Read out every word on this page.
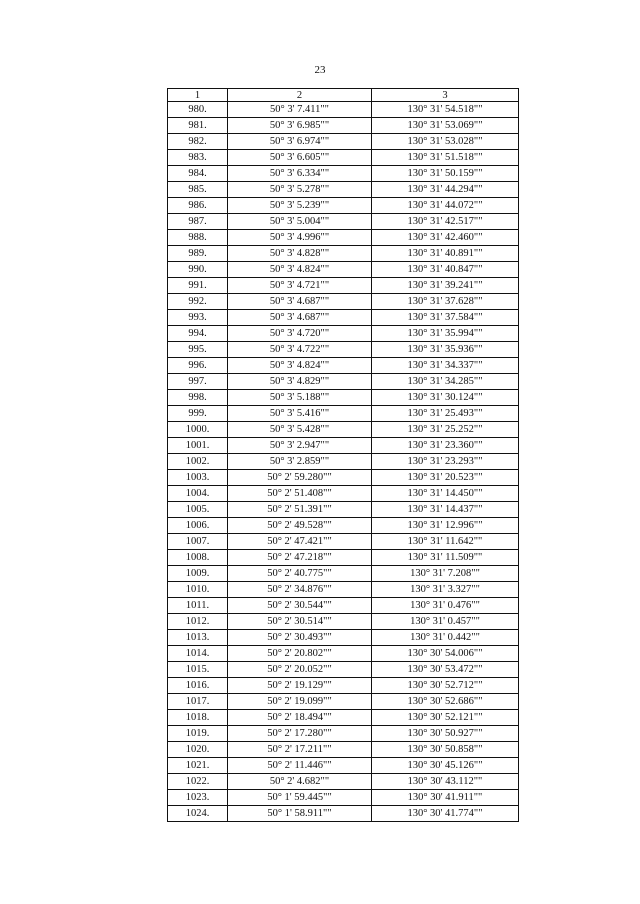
23
1	2	3
980.	50° 3' 7.411""	130° 31' 54.518""
981.	50° 3' 6.985""	130° 31' 53.069""
982.	50° 3' 6.974""	130° 31' 53.028""
983.	50° 3' 6.605""	130° 31' 51.518""
984.	50° 3' 6.334""	130° 31' 50.159""
985.	50° 3' 5.278""	130° 31' 44.294""
986.	50° 3' 5.239""	130° 31' 44.072""
987.	50° 3' 5.004""	130° 31' 42.517""
988.	50° 3' 4.996""	130° 31' 42.460""
989.	50° 3' 4.828""	130° 31' 40.891""
990.	50° 3' 4.824""	130° 31' 40.847""
991.	50° 3' 4.721""	130° 31' 39.241""
992.	50° 3' 4.687""	130° 31' 37.628""
993.	50° 3' 4.687""	130° 31' 37.584""
994.	50° 3' 4.720""	130° 31' 35.994""
995.	50° 3' 4.722""	130° 31' 35.936""
996.	50° 3' 4.824""	130° 31' 34.337""
997.	50° 3' 4.829""	130° 31' 34.285""
998.	50° 3' 5.188""	130° 31' 30.124""
999.	50° 3' 5.416""	130° 31' 25.493""
1000.	50° 3' 5.428""	130° 31' 25.252""
1001.	50° 3' 2.947""	130° 31' 23.360""
1002.	50° 3' 2.859""	130° 31' 23.293""
1003.	50° 2' 59.280""	130° 31' 20.523""
1004.	50° 2' 51.408""	130° 31' 14.450""
1005.	50° 2' 51.391""	130° 31' 14.437""
1006.	50° 2' 49.528""	130° 31' 12.996""
1007.	50° 2' 47.421""	130° 31' 11.642""
1008.	50° 2' 47.218""	130° 31' 11.509""
1009.	50° 2' 40.775""	130° 31' 7.208""
1010.	50° 2' 34.876""	130° 31' 3.327""
1011.	50° 2' 30.544""	130° 31' 0.476""
1012.	50° 2' 30.514""	130° 31' 0.457""
1013.	50° 2' 30.493""	130° 31' 0.442""
1014.	50° 2' 20.802""	130° 30' 54.006""
1015.	50° 2' 20.052""	130° 30' 53.472""
1016.	50° 2' 19.129""	130° 30' 52.712""
1017.	50° 2' 19.099""	130° 30' 52.686""
1018.	50° 2' 18.494""	130° 30' 52.121""
1019.	50° 2' 17.280""	130° 30' 50.927""
1020.	50° 2' 17.211""	130° 30' 50.858""
1021.	50° 2' 11.446""	130° 30' 45.126""
1022.	50° 2' 4.682""	130° 30' 43.112""
1023.	50° 1' 59.445""	130° 30' 41.911""
1024.	50° 1' 58.911""	130° 30' 41.774""
